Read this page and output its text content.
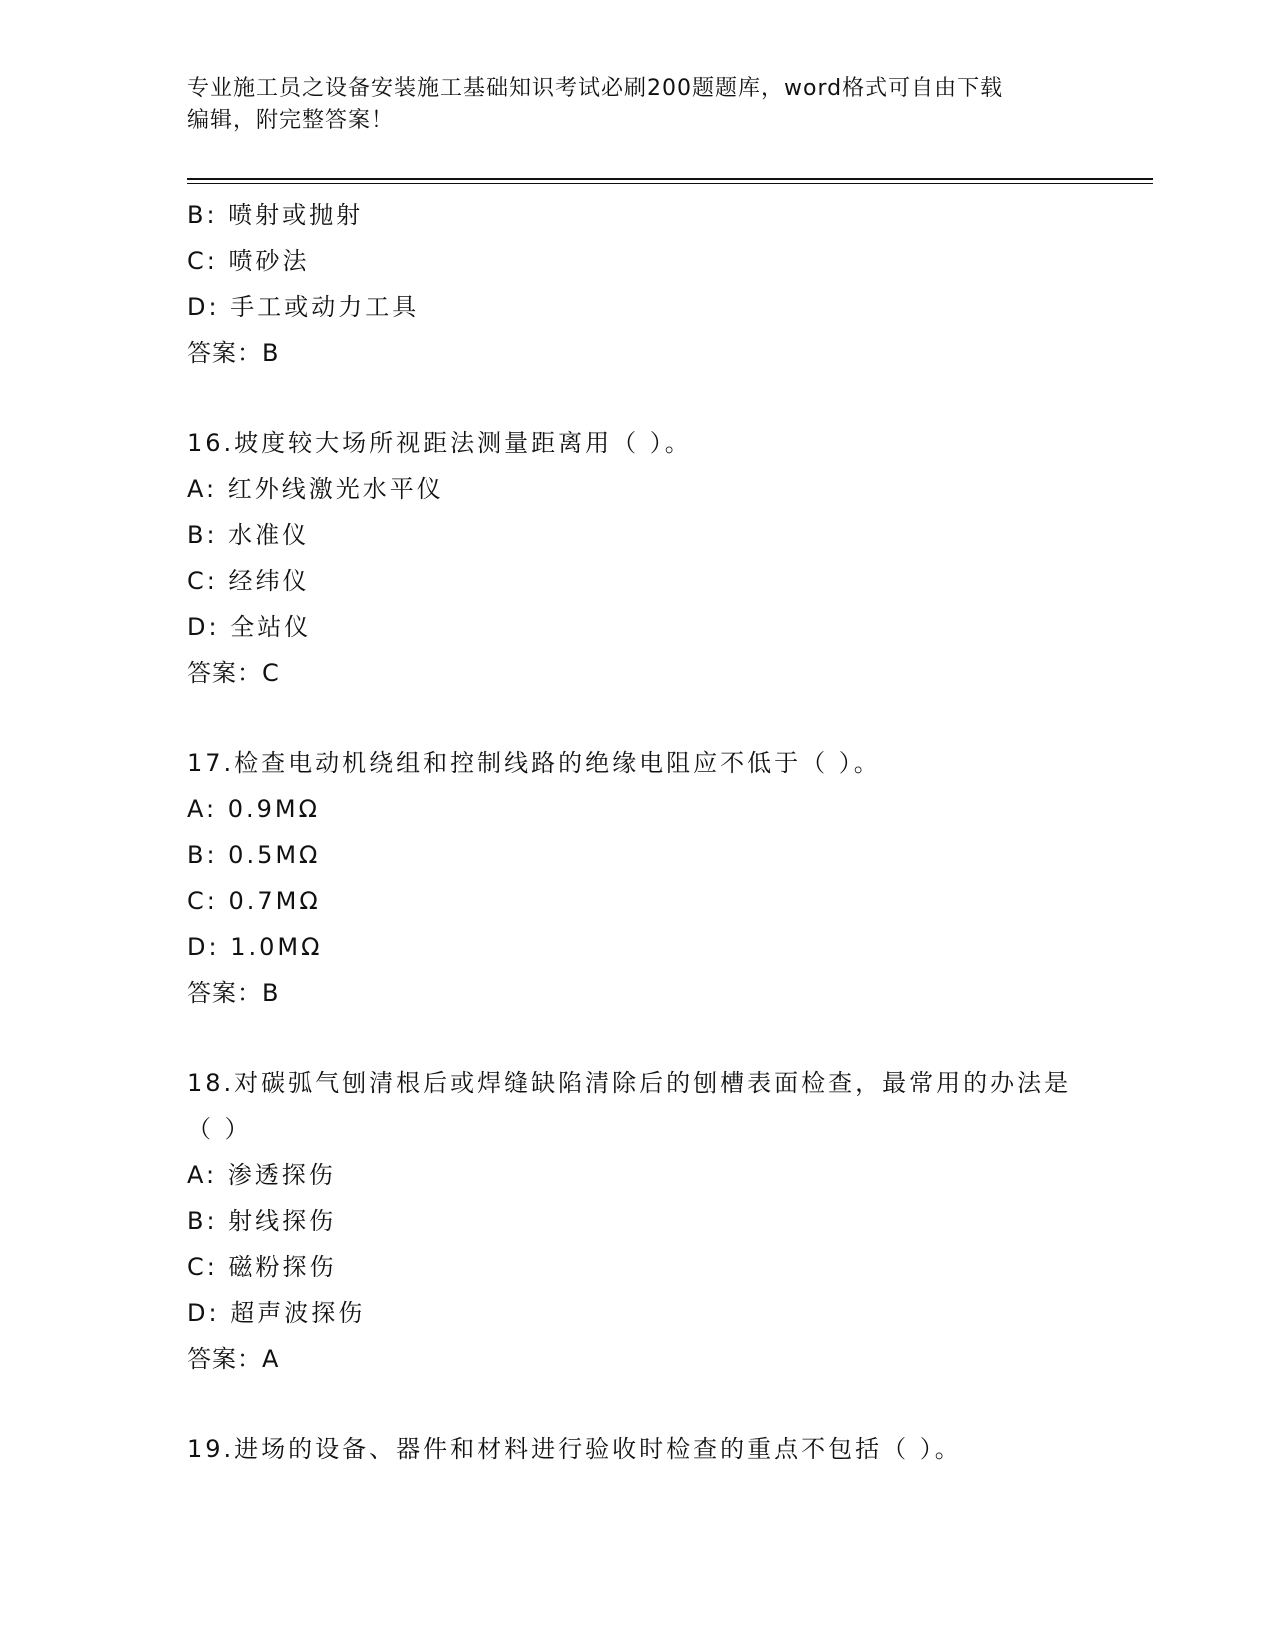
专业施工员之设备安装施工基础知识考试必刷200题题库，word格式可自由下载
编辑，附完整答案！
B: 喷射或抛射
C: 喷砂法
D: 手工或动力工具
答案：B
16.坡度较大场所视距法测量距离用（ ）。
A: 红外线激光水平仪
B: 水准仪
C: 经纬仪
D: 全站仪
答案：C
17.检查电动机绕组和控制线路的绝缘电阻应不低于（ ）。
A: 0.9MΩ
B: 0.5MΩ
C: 0.7MΩ
D: 1.0MΩ
答案：B
18.对碳弧气刨清根后或焊缝缺陷清除后的刨槽表面检查，最常用的办法是（ ）
A: 渗透探伤
B: 射线探伤
C: 磁粉探伤
D: 超声波探伤
答案：A
19.进场的设备、器件和材料进行验收时检查的重点不包括（ ）。
